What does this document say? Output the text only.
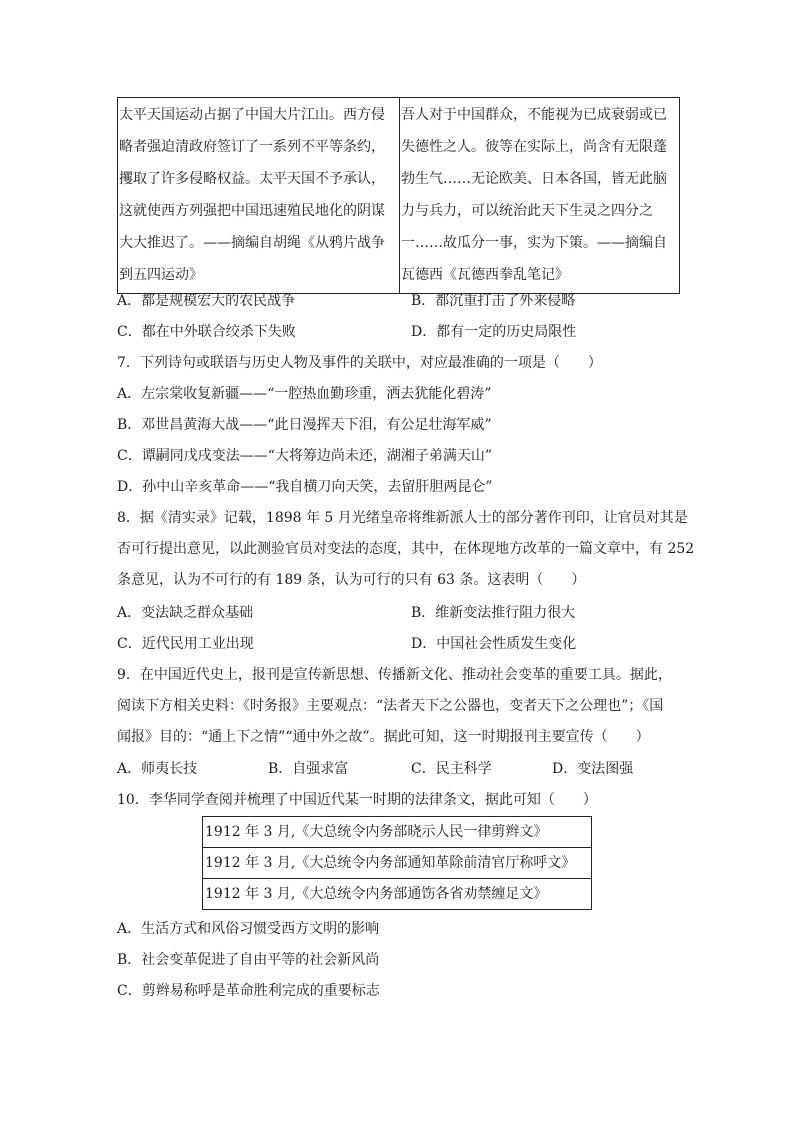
太平天国运动占据了中国大片江山。西方侵略者强迫清政府签订了一系列不平等条约，攫取了许多侵略权益。太平天国不予承认，这就使西方列强把中国迅速殖民地化的阴谋大大推迟了。——摘编自胡绳《从鸦片战争到五四运动》	吾人对于中国群众，不能视为已成衰弱或已失德性之人。彼等在实际上，尚含有无限蓬勃生气……无论欧美、日本各国，皆无此脑力与兵力，可以统治此天下生灵之四分之一……故瓜分一事，实为下策。——摘编自瓦德西《瓦德西拳乱笔记》
A．都是规模宏大的农民战争	B．都沉重打击了外来侵略
C．都在中外联合绞杀下失败	D．都有一定的历史局限性
7．下列诗句或联语与历史人物及事件的关联中，对应最准确的一项是（　　）
A．左宗棠收复新疆——“一腔热血勤珍重，洒去犹能化碧涛”
B．邓世昌黄海大战——“此日漫挥天下泪，有公足壮海军威”
C．谭嗣同戊戌变法——“大将筹边尚未还，湖湘子弟满天山”
D．孙中山辛亥革命——“我自横刀向天笑，去留肝胆两昆仑”
8．据《清实录》记载，1898 年 5 月光绪皇帝将维新派人士的部分著作刊印，让官员对其是
否可行提出意见，以此测验官员对变法的态度，其中，在体现地方改革的一篇文章中，有 252
条意见，认为不可行的有 189 条，认为可行的只有 63 条。这表明（　　）
A．变法缺乏群众基础	B．维新变法推行阻力很大
C．近代民用工业出现	D．中国社会性质发生变化
9．在中国近代史上，报刊是宣传新思想、传播新文化、推动社会变革的重要工具。据此，
阅读下方相关史料：《时务报》主要观点：“法者天下之公器也，变者天下之公理也”；《国
闻报》目的：“通上下之情”“通中外之故”。据此可知，这一时期报刊主要宣传（　　）
A．师夷长技	B．自强求富	C．民主科学	D．变法图强
10．李华同学查阅并梳理了中国近代某一时期的法律条文，据此可知（　　）
1912 年 3 月,《大总统令内务部晓示人民一律剪辫文》
1912 年 3 月,《大总统令内务部通知革除前清官厅称呼文》
1912 年 3 月,《大总统令内务部通饬各省劝禁缠足文》
A．生活方式和风俗习惯受西方文明的影响
B．社会变革促进了自由平等的社会新风尚
C．剪辫易称呼是革命胜利完成的重要标志
